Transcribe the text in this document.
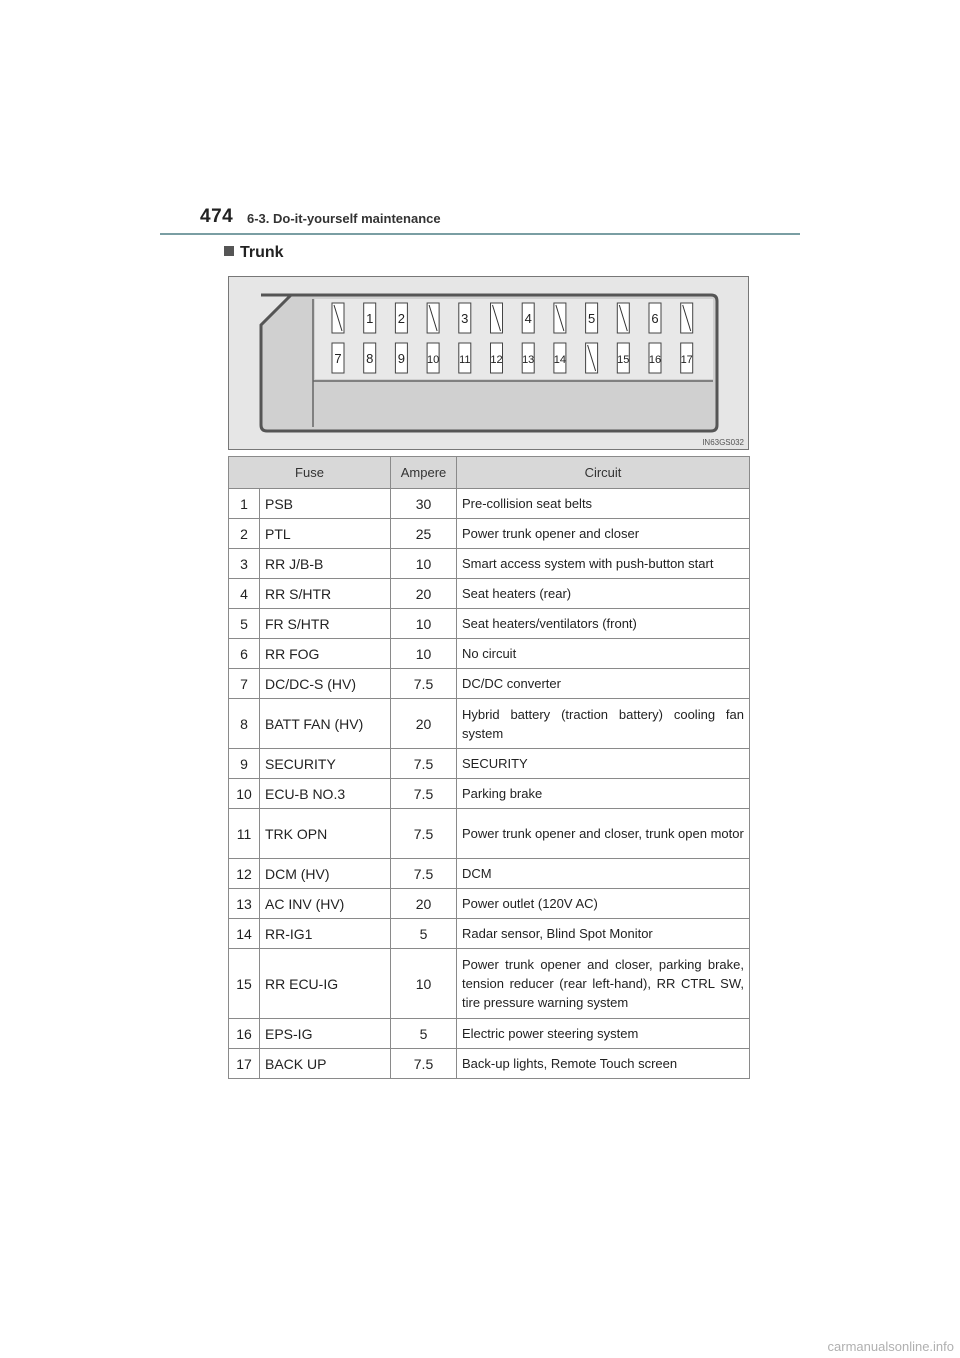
474 6-3. Do-it-yourself maintenance
Trunk
1 2	3	4	5	6
7 8 9 10 11 12 13 14	15 16 17
IN63GS032
Fuse		Ampere	Circuit
1	PSB	30	Pre-collision seat belts
2	PTL	25	Power trunk opener and closer
3	RR J/B-B	10	Smart access system with push-button start
4	RR S/HTR	20	Seat heaters (rear)
5	FR S/HTR	10	Seat heaters/ventilators (front)
6	RR FOG	10	No circuit
7	DC/DC-S (HV)	7.5	DC/DC converter
8	BATT FAN (HV)	20	Hybrid battery (traction battery) cooling fan system
9	SECURITY	7.5	SECURITY
10	ECU-B NO.3	7.5	Parking brake
11	TRK OPN	7.5	Power trunk opener and closer, trunk open motor
12	DCM (HV)	7.5	DCM
13	AC INV (HV)	20	Power outlet (120V AC)
14	RR-IG1	5	Radar sensor, Blind Spot Monitor
15	RR ECU-IG	10	Power trunk opener and closer, parking brake, tension reducer (rear left-hand), RR CTRL SW, tire pressure warning system
16	EPS-IG	5	Electric power steering system
17	BACK UP	7.5	Back-up lights, Remote Touch screen
carmanualsonline.info
